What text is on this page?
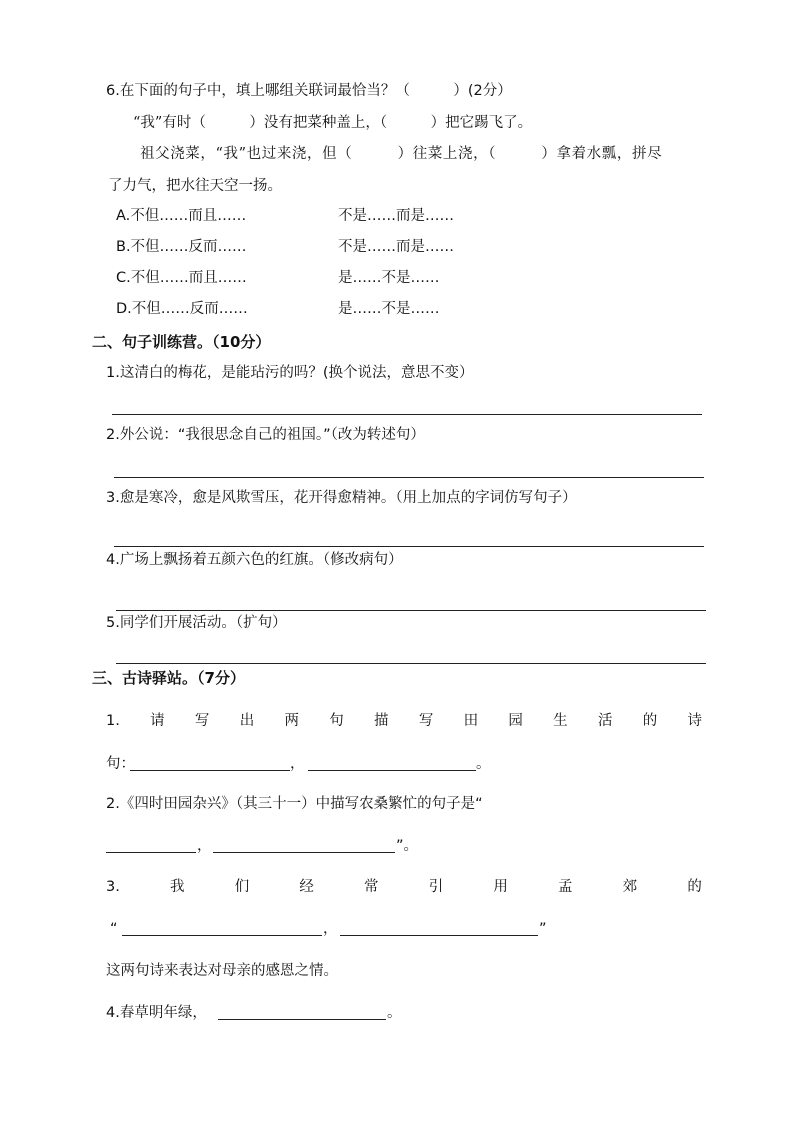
6.在下面的句子中，填上哪组关联词最恰当？（　　　）(2分）
“我”有时（　　　）没有把菜种盖上，（　　　）把它踢飞了。
祖父浇菜，“我”也过来浇，但（　　　）往菜上浇，（　　　）拿着水瓢，拼尽
了力气，把水往天空一扬。
A.不但……而且……	不是……而是……
B.不但……反而……	不是……而是……
C.不但……而且……	是……不是……
D.不但……反而……	是……不是……
二、句子训练营。（10分）
1.这清白的梅花，是能玷污的吗？(换个说法，意思不变）
2.外公说：“我很思念自己的祖国。”（改为转述句）
3.愈是寒冷，愈是风欺雪压，花开得愈精神。（用上加点的字词仿写句子）
4.广场上飘扬着五颜六色的红旗。（修改病句）
5.同学们开展活动。（扩句）
三、古诗驿站。（7分）
1. 请 写 出 两 句 描 写 田 园 生 活 的 诗
句：	，	。
2.《四时田园杂兴》（其三十一）中描写农桑繁忙的句子是“
，	”。
3.	我	们	经	常	引	用	孟	郊	的
“	，	”
这两句诗来表达对母亲的感恩之情。
4.春草明年绿，	。
